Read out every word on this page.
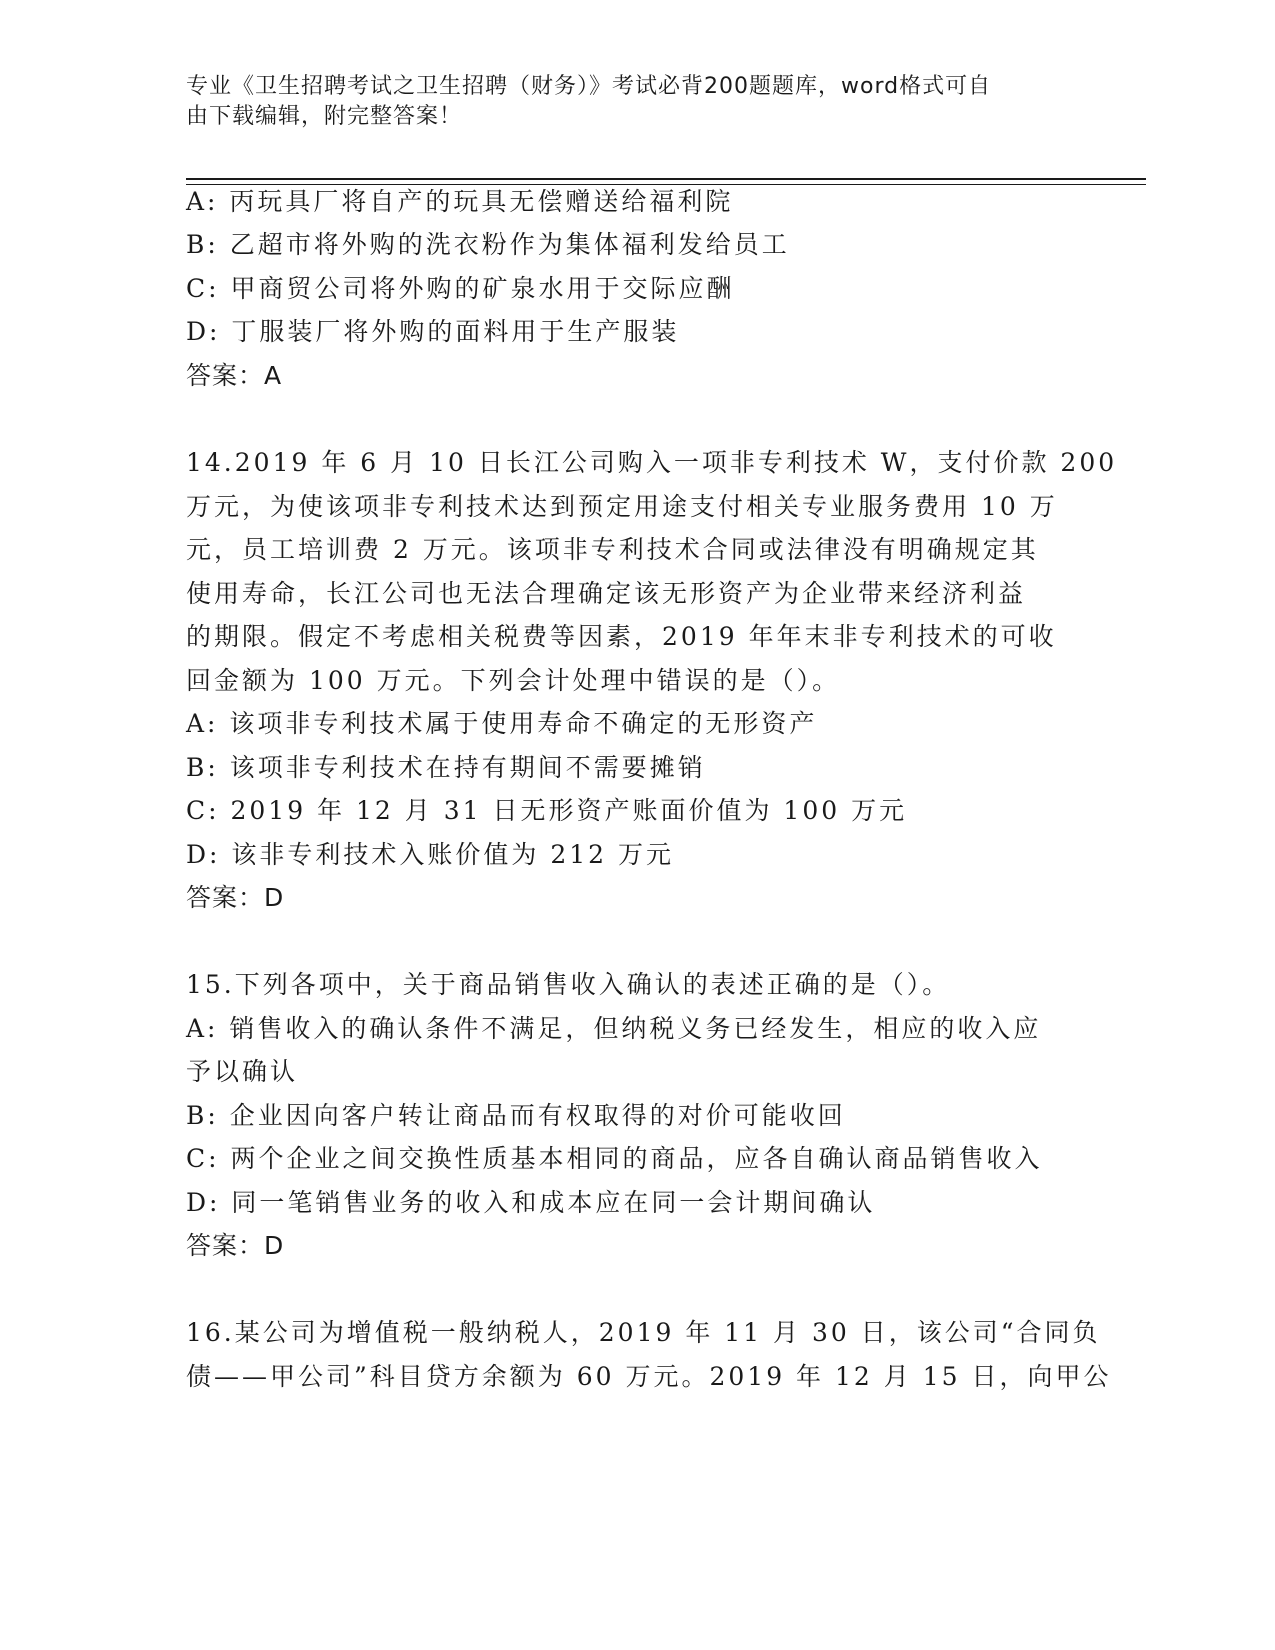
专业《卫生招聘考试之卫生招聘（财务）》考试必背200题题库，word格式可自
由下载编辑，附完整答案！
A: 丙玩具厂将自产的玩具无偿赠送给福利院
B: 乙超市将外购的洗衣粉作为集体福利发给员工
C: 甲商贸公司将外购的矿泉水用于交际应酬
D: 丁服装厂将外购的面料用于生产服装
答案：A
14.2019 年 6 月 10 日长江公司购入一项非专利技术 W，支付价款 200
万元，为使该项非专利技术达到预定用途支付相关专业服务费用 10 万
元，员工培训费 2 万元。该项非专利技术合同或法律没有明确规定其
使用寿命，长江公司也无法合理确定该无形资产为企业带来经济利益
的期限。假定不考虑相关税费等因素，2019 年年末非专利技术的可收
回金额为 100 万元。下列会计处理中错误的是（）。
A: 该项非专利技术属于使用寿命不确定的无形资产
B: 该项非专利技术在持有期间不需要摊销
C: 2019 年 12 月 31 日无形资产账面价值为 100 万元
D: 该非专利技术入账价值为 212 万元
答案：D
15.下列各项中，关于商品销售收入确认的表述正确的是（）。
A: 销售收入的确认条件不满足，但纳税义务已经发生，相应的收入应
予以确认
B: 企业因向客户转让商品而有权取得的对价可能收回
C: 两个企业之间交换性质基本相同的商品，应各自确认商品销售收入
D: 同一笔销售业务的收入和成本应在同一会计期间确认
答案：D
16.某公司为增值税一般纳税人，2019 年 11 月 30 日，该公司“合同负
债——甲公司”科目贷方余额为 60 万元。2019 年 12 月 15 日，向甲公
